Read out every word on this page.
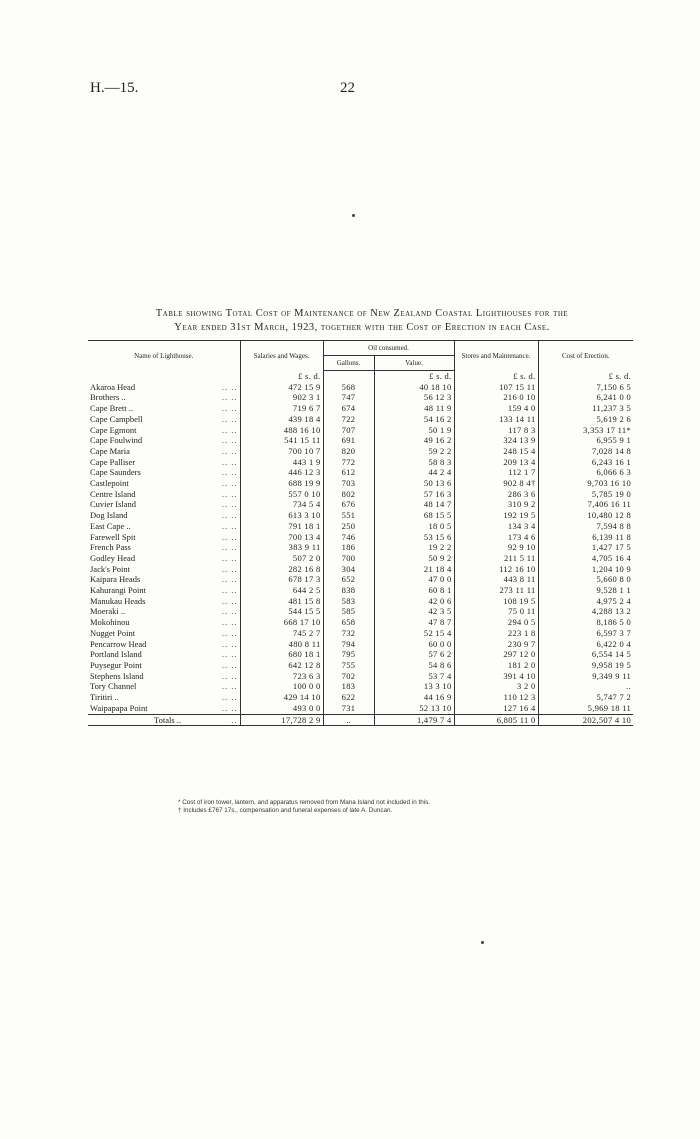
H.—15.	22
Table showing Total Cost of Maintenance of New Zealand Coastal Lighthouses for the
Year ended 31st March, 1923, together with the Cost of Erection in each Case.
Name of Lighthouse.	Salaries and Wages.	Oil consumed.		Stores and Maintenance.	Cost of Erection.
		Gallons.	Value.		
	£ s. d.		£ s. d.	£ s. d.	£ s. d.
Akaroa Head .. ..	472 15 9	568	40 18 10	107 15 11	7,150 6 5
Brothers .. .. ..	902 3 1	747	56 12 3	216 0 10	6,241 0 0
Cape Brett .. .. ..	719 6 7	674	48 11 9	159 4 0	11,237 3 5
Cape Campbell .. ..	439 18 4	722	54 16 2	133 14 11	5,619 2 6
Cape Egmont .. ..	488 16 10	707	50 1 9	117 8 3	3,353 17 11*
Cape Foulwind .. ..	541 15 11	691	49 16 2	324 13 9	6,955 9 1
Cape Maria .. ..	700 10 7	820	59 2 2	248 15 4	7,028 14 8
Cape Palliser .. ..	443 1 9	772	58 8 3	209 13 4	6,243 16 1
Cape Saunders .. ..	446 12 3	612	44 2 4	112 1 7	6,066 6 3
Castlepoint .. ..	688 19 9	703	50 13 6	902 8 4†	9,703 16 10
Centre Island .. ..	557 0 10	802	57 16 3	286 3 6	5,785 19 0
Cuvier Island .. ..	734 5 4	676	48 14 7	310 9 2	7,406 16 11
Dog Island .. ..	613 3 10	551	68 15 5	192 19 5	10,480 12 8
East Cape .. .. ..	791 18 1	250	18 0 5	134 3 4	7,594 8 8
Farewell Spit .. ..	700 13 4	746	53 15 6	173 4 6	6,139 11 8
French Pass .. ..	383 9 11	186	19 2 2	92 9 10	1,427 17 5
Godley Head .. ..	507 2 0	700	50 9 2	211 5 11	4,705 16 4
Jack's Point .. ..	282 16 8	304	21 18 4	112 16 10	1,204 10 9
Kaipara Heads .. ..	678 17 3	652	47 0 0	443 8 11	5,660 8 0
Kahurangi Point .. ..	644 2 5	838	60 8 1	273 11 11	9,528 1 1
Manukau Heads .. ..	481 15 8	583	42 0 6	108 19 5	4,975 2 4
Moeraki .. .. ..	544 15 5	585	42 3 5	75 0 11	4,288 13 2
Mokohinou .. ..	668 17 10	658	47 8 7	294 0 5	8,186 5 0
Nugget Point .. ..	745 2 7	732	52 15 4	223 1 8	6,597 3 7
Pencarrow Head .. ..	480 8 11	794	60 0 0	230 9 7	6,422 0 4
Portland Island .. ..	680 18 1	795	57 6 2	297 12 0	6,554 14 5
Puysegur Point .. ..	642 12 8	755	54 8 6	181 2 0	9,958 19 5
Stephens Island .. ..	723 6 3	702	53 7 4	391 4 10	9,349 9 11
Tory Channel .. ..	100 0 0	183	13 3 10	3 2 0	..
Tiritiri .. .. ..	429 14 10	622	44 16 9	110 12 3	5,747 7 2
Waipapapa Point .. ..	493 0 0	731	52 13 10	127 16 4	5,969 18 11
Totals .. ..	17,728 2 9	..	1,479 7 4	6,805 11 0	202,507 4 10
* Cost of iron tower, lantern, and apparatus removed from Mana Island not included in this.
† Includes £767 17s., compensation and funeral expenses of late A. Duncan.
